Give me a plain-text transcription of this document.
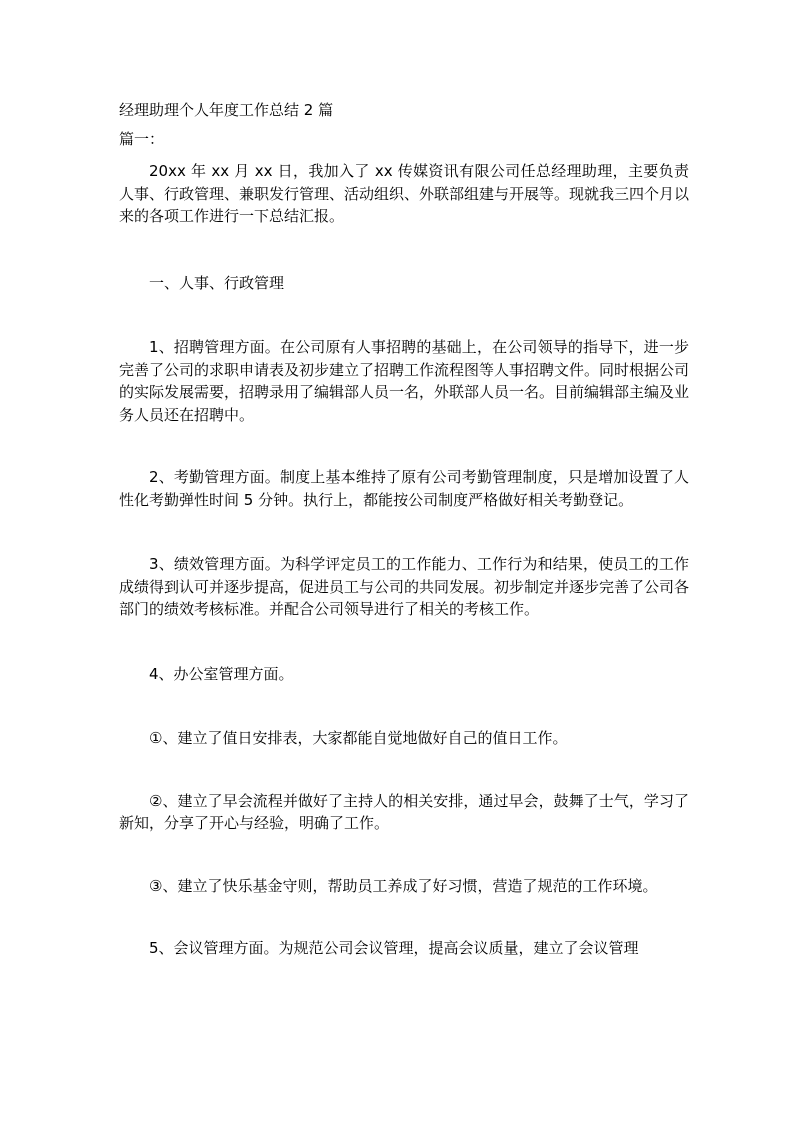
经理助理个人年度工作总结 2 篇

篇一：

20xx 年 xx 月 xx 日，我加入了 xx 传媒资讯有限公司任总经理助理，主要负责人事、行政管理、兼职发行管理、活动组织、外联部组建与开展等。现就我三四个月以来的各项工作进行一下总结汇报。

一、人事、行政管理

1、招聘管理方面。在公司原有人事招聘的基础上，在公司领导的指导下，进一步完善了公司的求职申请表及初步建立了招聘工作流程图等人事招聘文件。同时根据公司的实际发展需要，招聘录用了编辑部人员一名，外联部人员一名。目前编辑部主编及业务人员还在招聘中。

2、考勤管理方面。制度上基本维持了原有公司考勤管理制度，只是增加设置了人性化考勤弹性时间 5 分钟。执行上，都能按公司制度严格做好相关考勤登记。

3、绩效管理方面。为科学评定员工的工作能力、工作行为和结果，使员工的工作成绩得到认可并逐步提高，促进员工与公司的共同发展。初步制定并逐步完善了公司各部门的绩效考核标准。并配合公司领导进行了相关的考核工作。

4、办公室管理方面。

①、建立了值日安排表，大家都能自觉地做好自己的值日工作。

②、建立了早会流程并做好了主持人的相关安排，通过早会，鼓舞了士气，学习了新知，分享了开心与经验，明确了工作。

③、建立了快乐基金守则，帮助员工养成了好习惯，营造了规范的工作环境。

5、会议管理方面。为规范公司会议管理，提高会议质量，建立了会议管理
